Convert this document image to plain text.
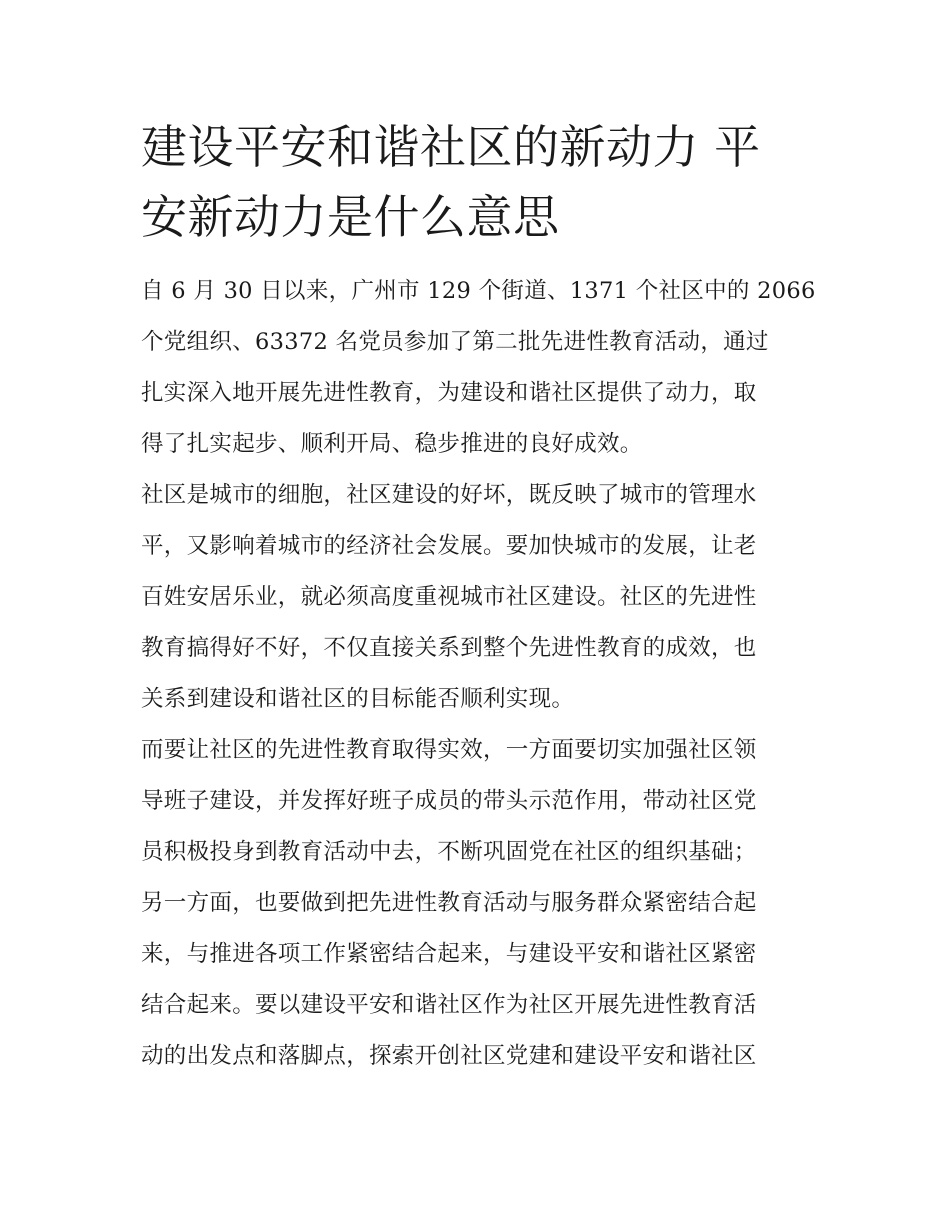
建设平安和谐社区的新动力 平
安新动力是什么意思
自 6 月 30 日以来，广州市 129 个街道、1371 个社区中的 2066
个党组织、63372 名党员参加了第二批先进性教育活动，通过
扎实深入地开展先进性教育，为建设和谐社区提供了动力，取
得了扎实起步、顺利开局、稳步推进的良好成效。
社区是城市的细胞，社区建设的好坏，既反映了城市的管理水
平，又影响着城市的经济社会发展。要加快城市的发展，让老
百姓安居乐业，就必须高度重视城市社区建设。社区的先进性
教育搞得好不好，不仅直接关系到整个先进性教育的成效，也
关系到建设和谐社区的目标能否顺利实现。
而要让社区的先进性教育取得实效，一方面要切实加强社区领
导班子建设，并发挥好班子成员的带头示范作用，带动社区党
员积极投身到教育活动中去，不断巩固党在社区的组织基础；
另一方面，也要做到把先进性教育活动与服务群众紧密结合起
来，与推进各项工作紧密结合起来，与建设平安和谐社区紧密
结合起来。要以建设平安和谐社区作为社区开展先进性教育活
动的出发点和落脚点，探索开创社区党建和建设平安和谐社区
